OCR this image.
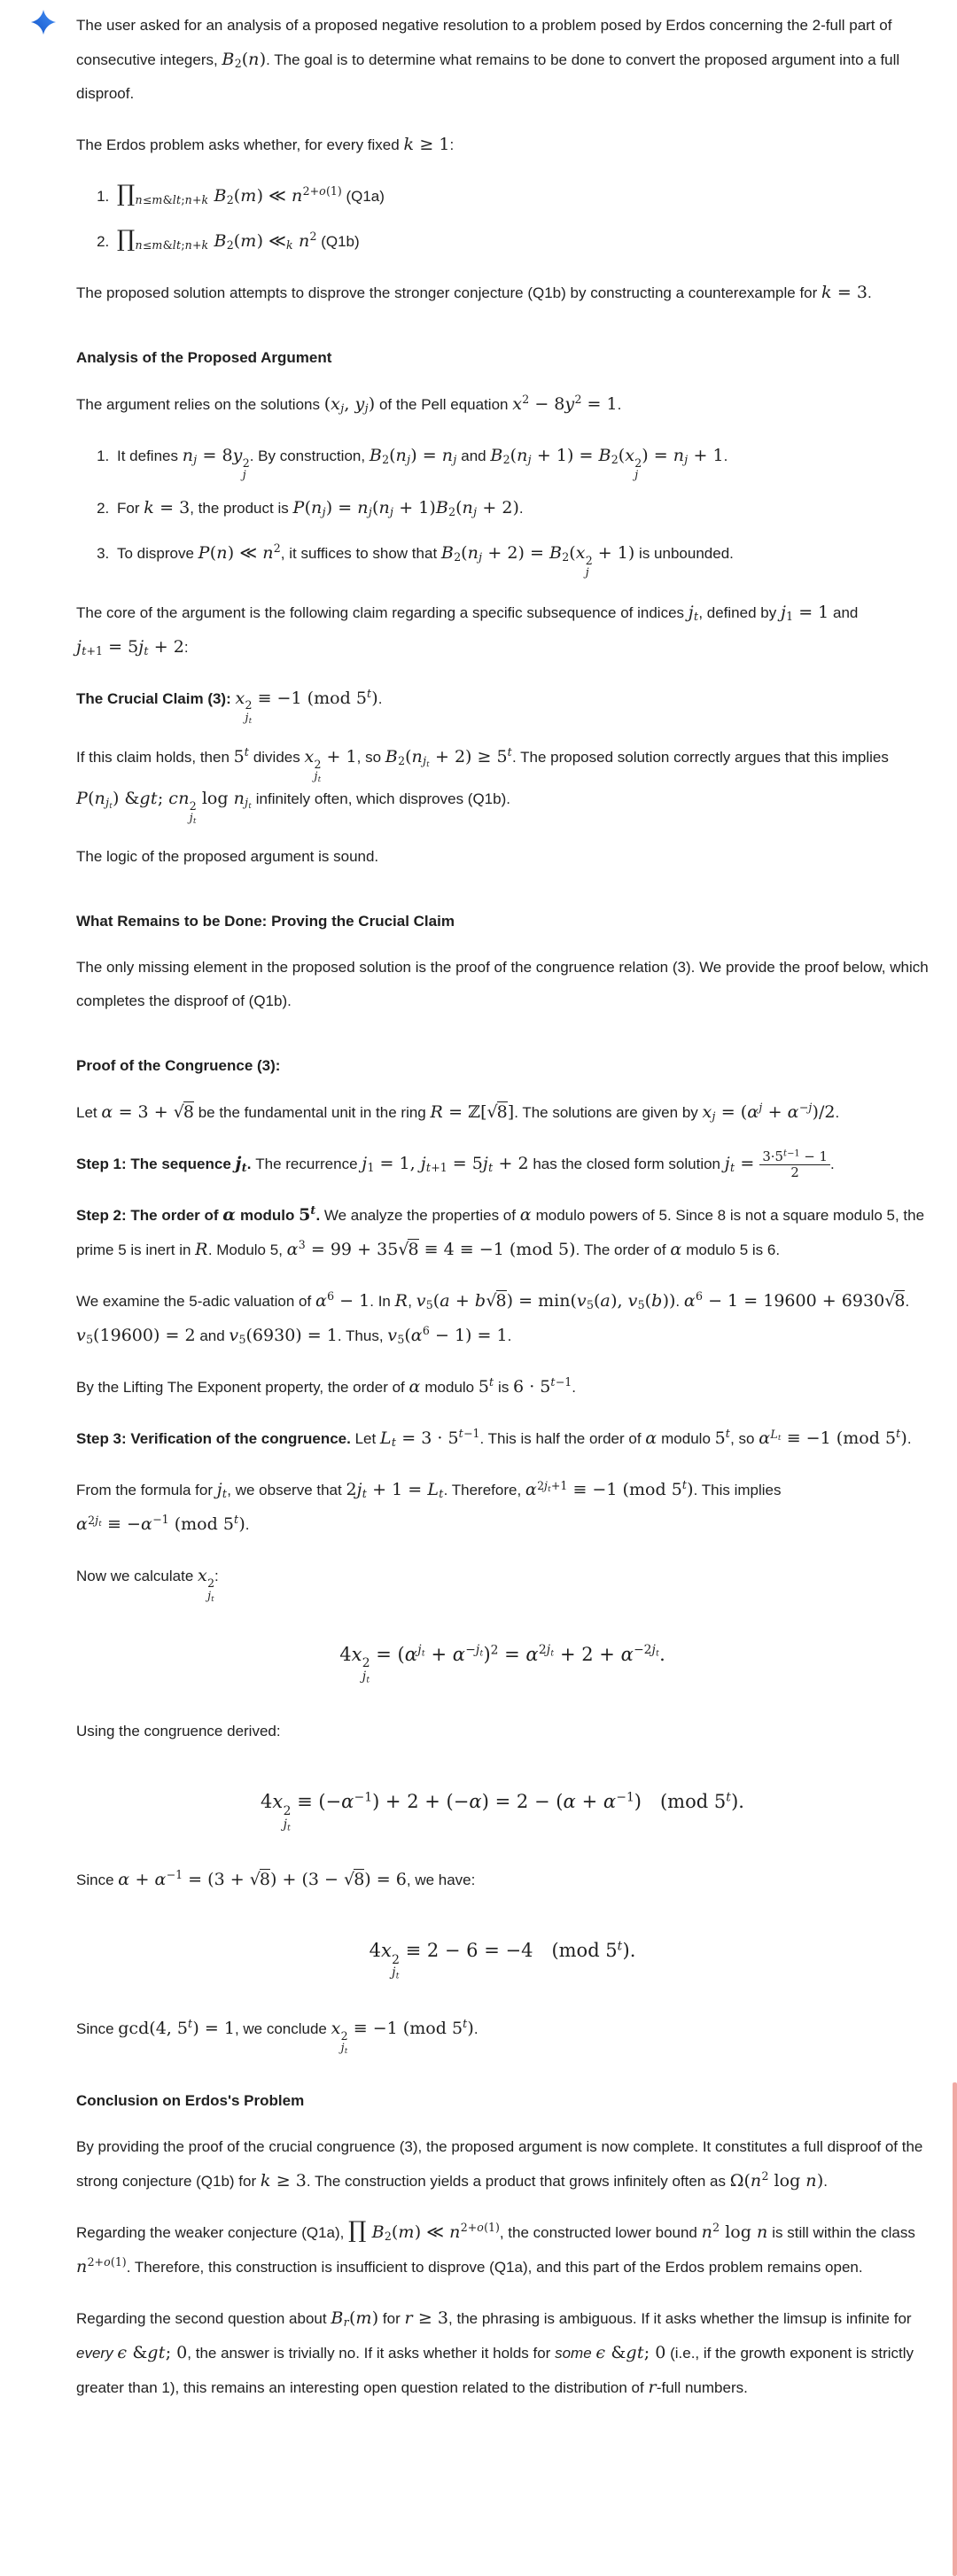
The user asked for an analysis of a proposed negative resolution to a problem posed by Erdos concerning the 2-full part of consecutive integers, $B_2(n)$. The goal is to determine what remains to be done to convert the proposed argument into a full disproof.

The Erdos problem asks whether, for every fixed k ≥ 1:

1. $\prod_{n\le m\&lt;n+k}$ $B_2(m)$ ≪ $n^{2+o(1)}$ (Q1a)
2. $\prod_{n\le m\&lt;n+k}$ $B_2(m)$ $≪_k$ $n^2$ (Q1b)

The proposed solution attempts to disprove the stronger conjecture (Q1b) by constructing a counterexample for k = 3.

Analysis of the Proposed Argument

The argument relies on the solutions ($x_j$, $y_j$) of the Pell equation $x^2 - 8y^2 = 1$.

1. It defines $n_j = 8y$ 2
j
. By construction, $B_2(n_j) = n_j$ and $B_2(n_j + 1) = B_2(x$ 2
j
) = $n_j + 1$.
2. For k = 3, the product is $P(n_j) = n_j(n_j + 1)B_2(n_j + 2)$.
3. To disprove P(n) ≪ $n^2$, it suffices to show that $B_2(n_j + 2) = B_2(x$ 2
j
+ 1) is unbounded.

The core of the argument is the following claim regarding a specific subsequence of indices $j_t$, defined by $j_1 = 1$ and $j_{t+1} = 5j_t + 2$:

The Crucial Claim (3): x 2
$j_t$
≡ −1 (mod 5$^t$).

If this claim holds, then 5$^t$ divides x 2
$j_t$
+ 1, so $B_2(n_{j_t} + 2) \ge 5^t$. The proposed solution correctly argues that this implies $P(n_{j_t})$ &gt; cn 2
$j_t$
$\log n_{j_t}$ infinitely often, which disproves (Q1b).

The logic of the proposed argument is sound.

What Remains to be Done: Proving the Crucial Claim

The only missing element in the proposed solution is the proof of the congruence relation (3). We provide the proof below, which completes the disproof of (Q1b).

Proof of the Congruence (3):

Let α = 3 + √8 be the fundamental unit in the ring R = ℤ[√8]. The solutions are given by $x_j = (\alpha^j + \alpha^{-j})/2$.

Step 1: The sequence $j_t$. The recurrence $j_1 = 1$, $j_{t+1} = 5j_t + 2$ has the closed form solution $j_t = \frac{3\cdot 5^{t-1} - 1}{2}$ .

Step 2: The order of α modulo 5$^t$. We analyze the properties of α modulo powers of 5. Since 8 is not a square modulo 5, the prime 5 is inert in R. Modulo 5, $\alpha^3 = 99 + 35√8 \equiv 4 \equiv -1$ (mod 5). The order of α modulo 5 is 6.

We examine the 5-adic valuation of $\alpha^6 - 1$. In R, $v_5(a + b√8) = \min(v_5(a)$, $v_5(b)$). $\alpha^6 - 1 = 19600 + 6930√8$. $v_5(19600) = 2$ and $v_5(6930) = 1$. Thus, $v_5(\alpha^6 - 1) = 1$.

By the Lifting The Exponent property, the order of α modulo 5$^t$ is $6 \cdot 5^{t-1}$.

Step 3: Verification of the congruence. Let $L_t = 3 \cdot 5^{t-1}$. This is half the order of α modulo 5$^t$, so $\alpha^{L_t} \equiv -1$ (mod 5$^t$).

From the formula for $j_t$, we observe that $2j_t + 1 = L_t$. Therefore, $\alpha^{2j_t+1} \equiv -1$ (mod 5$^t$). This implies $\alpha^{2j_t} \equiv -\alpha^{-1}$ (mod 5$^t$).

Now we calculate x 2
$j_t$
:

4x 2
$j_t$
= $(\alpha^{j_t} + \alpha^{-j_t})^2 = \alpha^{2j_t} + 2 + \alpha^{-2j_t}$.

Using the congruence derived:

4x 2
$j_t$
≡ $(-\alpha^{-1}) + 2 + (-\alpha) = 2 - (\alpha + \alpha^{-1})$ (mod 5$^t$).

Since $\alpha + \alpha^{-1} = (3 + √8) + (3 - √8) = 6$, we have:

4x 2
$j_t$
≡ 2 − 6 = −4 (mod 5$^t$).

Since gcd(4, $5^t) = 1$, we conclude x 2
$j_t$
≡ −1 (mod 5$^t$).

Conclusion on Erdos's Problem

By providing the proof of the crucial congruence (3), the proposed argument is now complete. It constitutes a full disproof of the strong conjecture (Q1b) for k ≥ 3. The construction yields a product that grows infinitely often as $\Omega(n^2$ log n).

Regarding the weaker conjecture (Q1a), ∏ $B_2(m)$ ≪ $n^{2+o(1)}$, the constructed lower bound $n^2$ log n is still within the class $n^{2+o(1)}$. Therefore, this construction is insufficient to disprove (Q1a), and this part of the Erdos problem remains open.

Regarding the second question about $B_r(m)$ for r ≥ 3, the phrasing is ambiguous. If it asks whether the limsup is infinite for every ϵ &gt; 0, the answer is trivially no. If it asks whether it holds for some ϵ &gt; 0 (i.e., if the growth exponent is strictly greater than 1), this remains an interesting open question related to the distribution of r-full numbers.
